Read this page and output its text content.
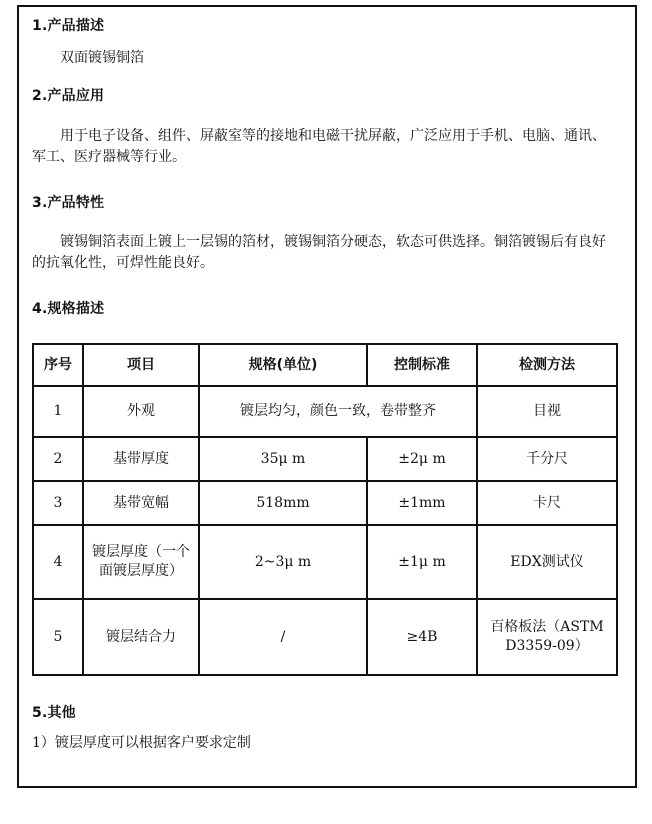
1.产品描述
双面镀锡铜箔
2.产品应用
用于电子设备、组件、屏蔽室等的接地和电磁干扰屏蔽，广泛应用于手机、电脑、通讯、军工、医疗器械等行业。
3.产品特性
镀锡铜箔表面上镀上一层锡的箔材，镀锡铜箔分硬态，软态可供选择。铜箔镀锡后有良好的抗氧化性，可焊性能良好。
4.规格描述
序号	项目	规格(单位)	控制标准	检测方法
1	外观	镀层均匀，颜色一致，卷带整齐		目视
2	基带厚度	35μ m	±2μ m	千分尺
3	基带宽幅	518mm	±1mm	卡尺
4	镀层厚度（一个面镀层厚度）	2~3μ m	±1μ m	EDX测试仪
5	镀层结合力	/	≥4B	百格板法（ASTM D3359-09）
5.其他
1）镀层厚度可以根据客户要求定制
